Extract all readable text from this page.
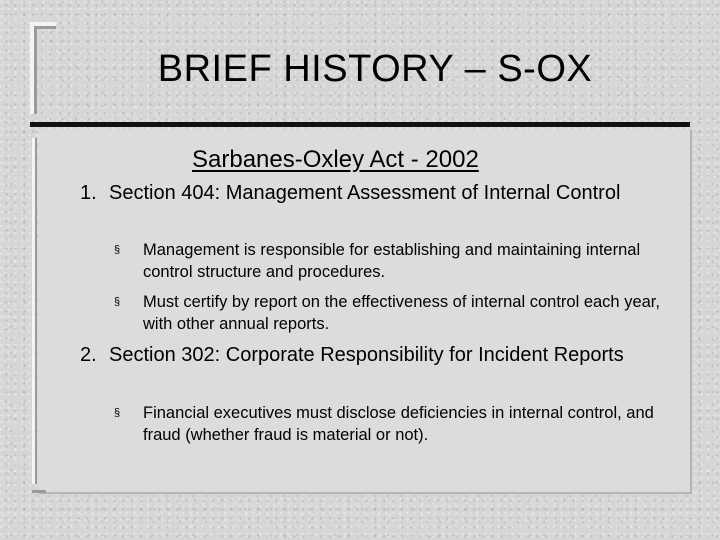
BRIEF HISTORY – S-OX
Sarbanes-Oxley Act - 2002
1. Section 404: Management Assessment of Internal Control
§ Management is responsible for establishing and maintaining internal control structure and procedures.
§ Must certify by report on the effectiveness of internal control each year, with other annual reports.
2. Section 302: Corporate Responsibility for Incident Reports
§ Financial executives must disclose deficiencies in internal control, and fraud (whether fraud is material or not).
